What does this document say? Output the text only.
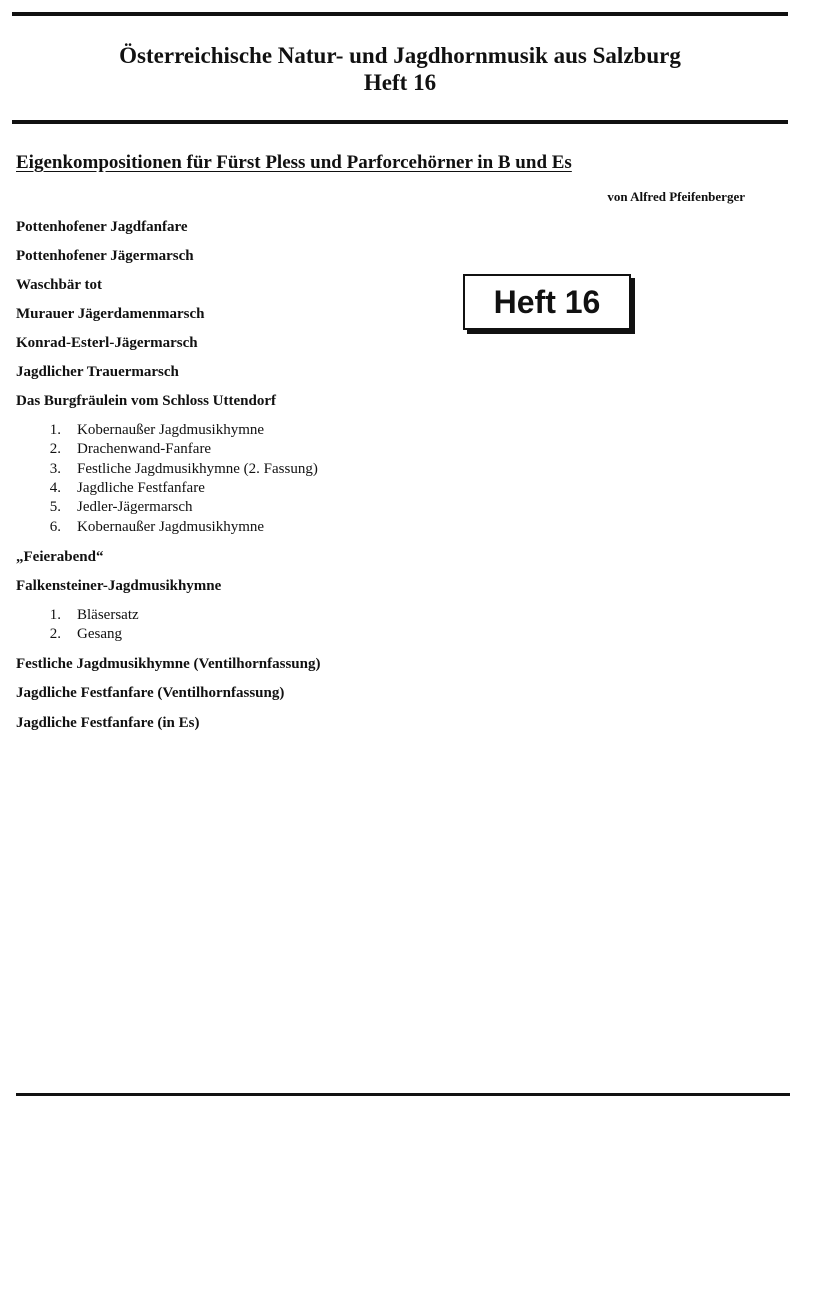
Österreichische Natur- und Jagdhornmusik aus Salzburg
Heft 16
Eigenkompositionen für Fürst Pless und Parforcehörner in B und Es
von Alfred Pfeifenberger
Heft 16
Pottenhofener Jagdfanfare
Pottenhofener Jägermarsch
Waschbär tot
Murauer Jägerdamenmarsch
Konrad-Esterl-Jägermarsch
Jagdlicher Trauermarsch
Das Burgfräulein vom Schloss Uttendorf
1. Kobernaußer Jagdmusikhymne
2. Drachenwand-Fanfare
3. Festliche Jagdmusikhymne (2. Fassung)
4. Jagdliche Festfanfare
5. Jedler-Jägermarsch
6. Kobernaußer Jagdmusikhymne
„Feierabend“
Falkensteiner-Jagdmusikhymne
1. Bläsersatz
2. Gesang
Festliche Jagdmusikhymne (Ventilhornfassung)
Jagdliche Festfanfare (Ventilhornfassung)
Jagdliche Festfanfare (in Es)
